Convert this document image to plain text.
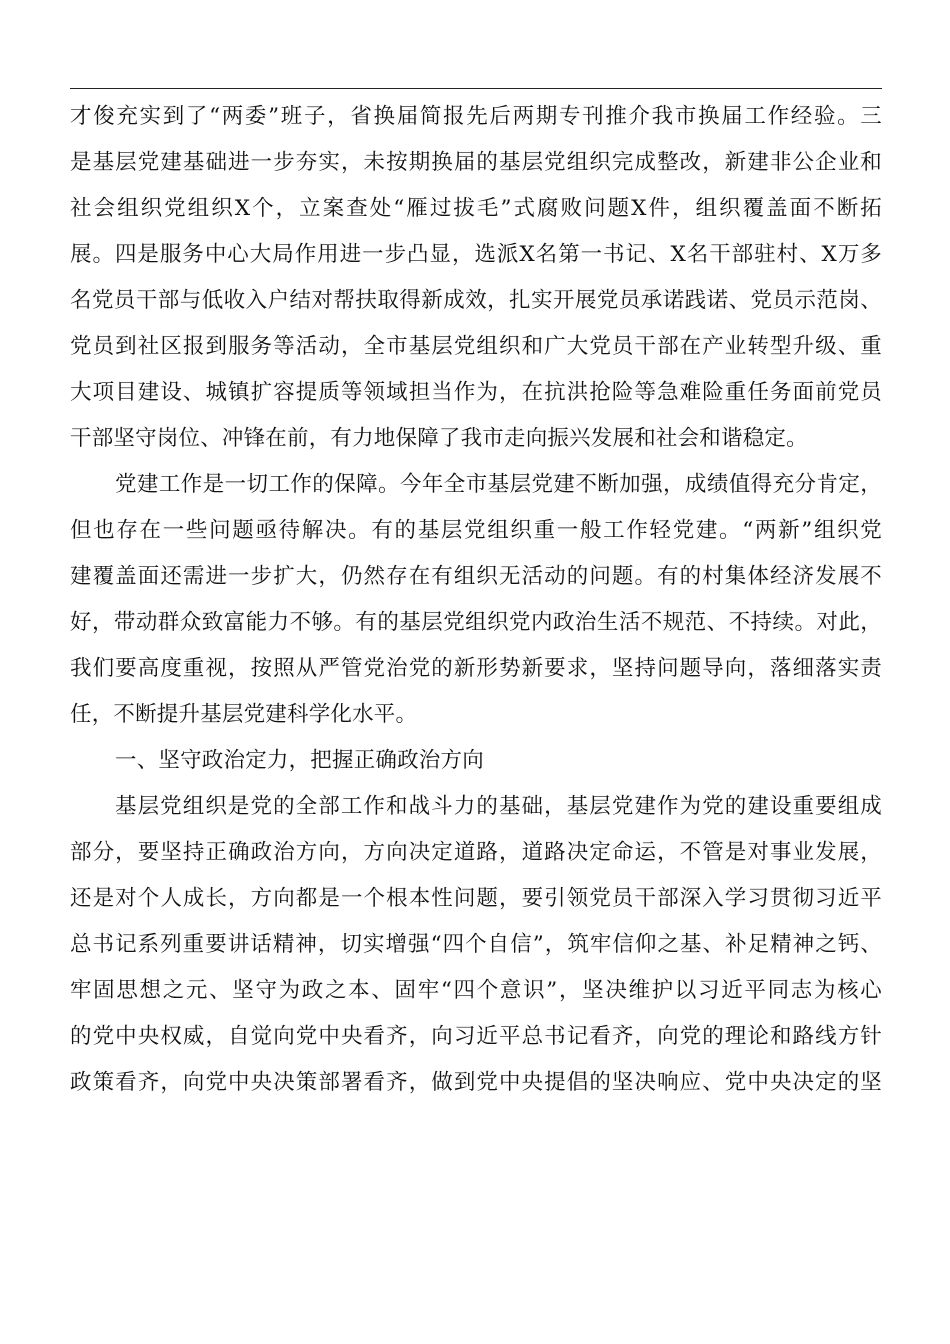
才俊充实到了“两委”班子，省换届简报先后两期专刊推介我市换届工作经验。三
是基层党建基础进一步夯实，未按期换届的基层党组织完成整改，新建非公企业和
社会组织党组织X个，立案查处“雁过拔毛”式腐败问题X件，组织覆盖面不断拓
展。四是服务中心大局作用进一步凸显，选派X名第一书记、X名干部驻村、X万多
名党员干部与低收入户结对帮扶取得新成效，扎实开展党员承诺践诺、党员示范岗、
党员到社区报到服务等活动，全市基层党组织和广大党员干部在产业转型升级、重
大项目建设、城镇扩容提质等领域担当作为，在抗洪抢险等急难险重任务面前党员
干部坚守岗位、冲锋在前，有力地保障了我市走向振兴发展和社会和谐稳定。
党建工作是一切工作的保障。今年全市基层党建不断加强，成绩值得充分肯定，
但也存在一些问题亟待解决。有的基层党组织重一般工作轻党建。“两新”组织党
建覆盖面还需进一步扩大，仍然存在有组织无活动的问题。有的村集体经济发展不
好，带动群众致富能力不够。有的基层党组织党内政治生活不规范、不持续。对此，
我们要高度重视，按照从严管党治党的新形势新要求，坚持问题导向，落细落实责
任，不断提升基层党建科学化水平。
一、坚守政治定力，把握正确政治方向
基层党组织是党的全部工作和战斗力的基础，基层党建作为党的建设重要组成
部分，要坚持正确政治方向，方向决定道路，道路决定命运，不管是对事业发展，
还是对个人成长，方向都是一个根本性问题，要引领党员干部深入学习贯彻习近平
总书记系列重要讲话精神，切实增强“四个自信”，筑牢信仰之基、补足精神之钙、
牢固思想之元、坚守为政之本、固牢“四个意识”，坚决维护以习近平同志为核心
的党中央权威，自觉向党中央看齐，向习近平总书记看齐，向党的理论和路线方针
政策看齐，向党中央决策部署看齐，做到党中央提倡的坚决响应、党中央决定的坚
